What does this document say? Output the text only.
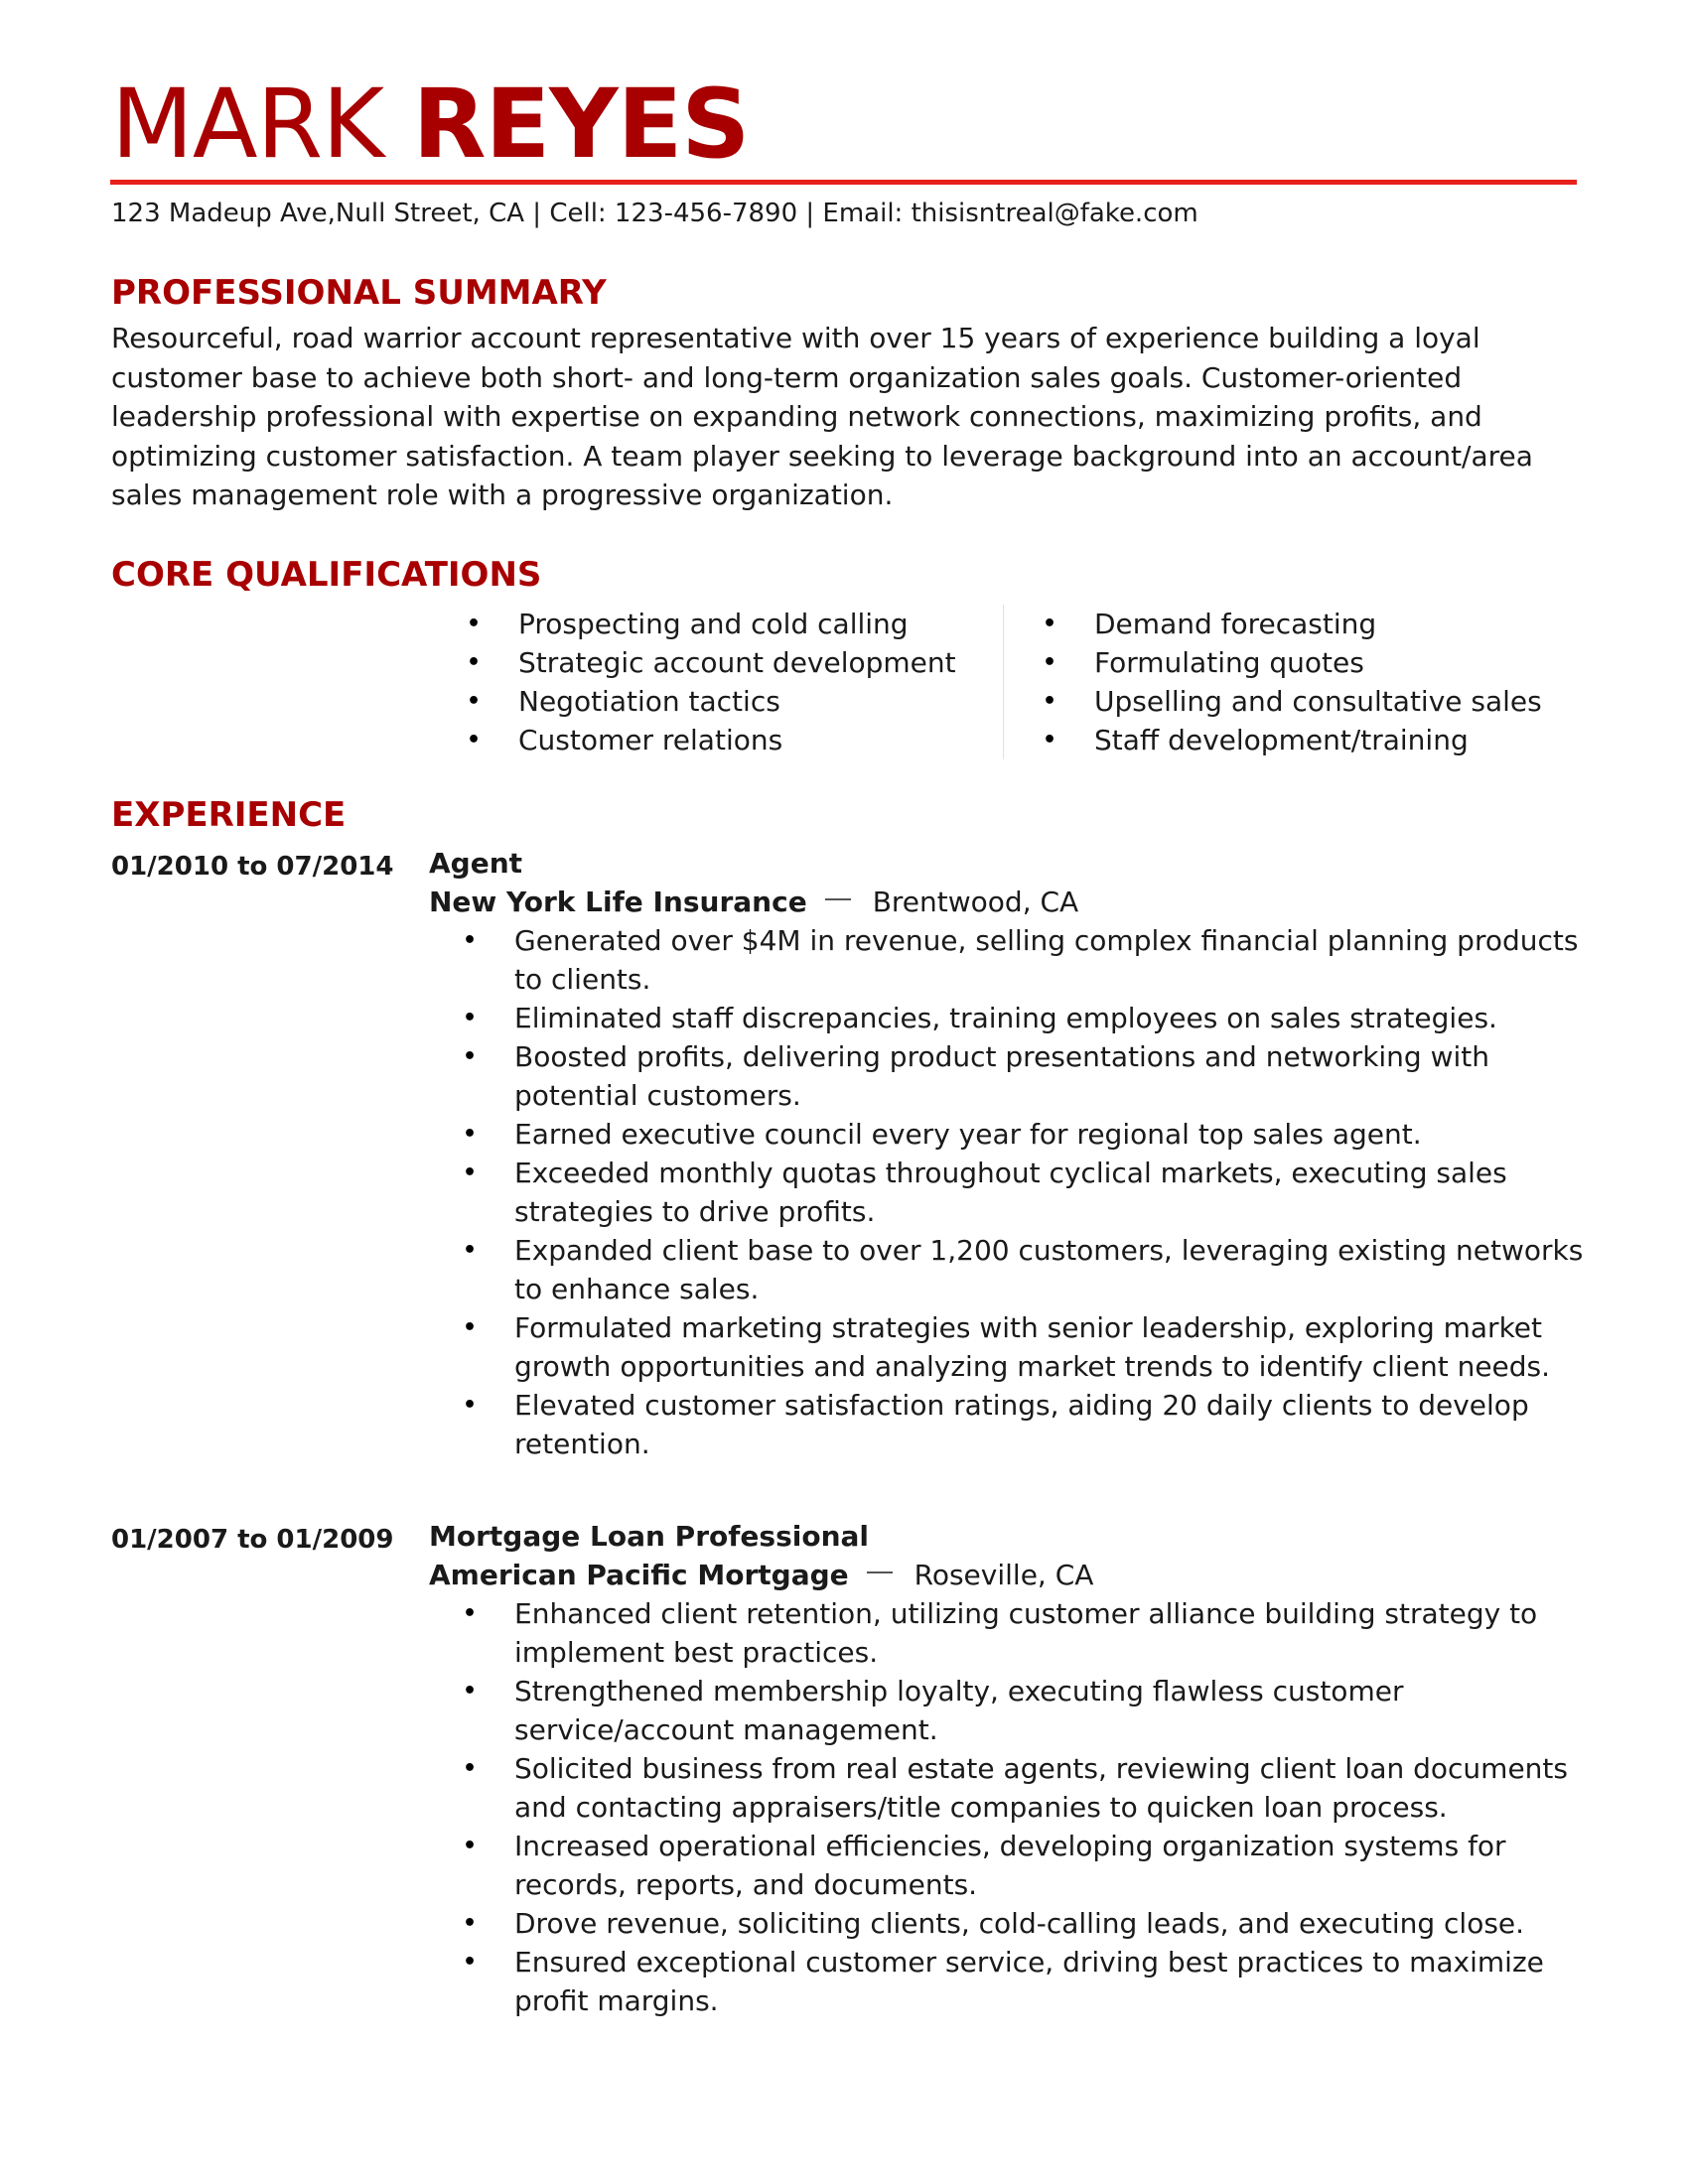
MARK REYES
123 Madeup Ave,Null Street, CA | Cell: 123-456-7890 | Email: thisisntreal@fake.com
PROFESSIONAL SUMMARY

Resourceful, road warrior account representative with over 15 years of experience building a loyal customer base to achieve both short- and long-term organization sales goals. Customer-oriented leadership professional with expertise on expanding network connections, maximizing profits, and optimizing customer satisfaction. A team player seeking to leverage background into an account/area sales management role with a progressive organization.

CORE QUALIFICATIONS
• Prospecting and cold calling
• Strategic account development
• Negotiation tactics
• Customer relations
• Demand forecasting
• Formulating quotes
• Upselling and consultative sales
• Staff development/training
EXPERIENCE
01/2010 to 07/2014 Agent
New York Life Insurance Brentwood, CA
• Generated over $4M in revenue, selling complex financial planning products to clients.
• Eliminated staff discrepancies, training employees on sales strategies.
• Boosted profits, delivering product presentations and networking with potential customers.
• Earned executive council every year for regional top sales agent.
• Exceeded monthly quotas throughout cyclical markets, executing sales strategies to drive profits.
• Expanded client base to over 1,200 customers, leveraging existing networks to enhance sales.
• Formulated marketing strategies with senior leadership, exploring market growth opportunities and analyzing market trends to identify client needs.
• Elevated customer satisfaction ratings, aiding 20 daily clients to develop retention.
01/2007 to 01/2009 Mortgage Loan Professional
American Pacific Mortgage Roseville, CA
• Enhanced client retention, utilizing customer alliance building strategy to implement best practices.
• Strengthened membership loyalty, executing flawless customer service/account management.
• Solicited business from real estate agents, reviewing client loan documents and contacting appraisers/title companies to quicken loan process.
• Increased operational efficiencies, developing organization systems for records, reports, and documents.
• Drove revenue, soliciting clients, cold-calling leads, and executing close.
• Ensured exceptional customer service, driving best practices to maximize profit margins.
